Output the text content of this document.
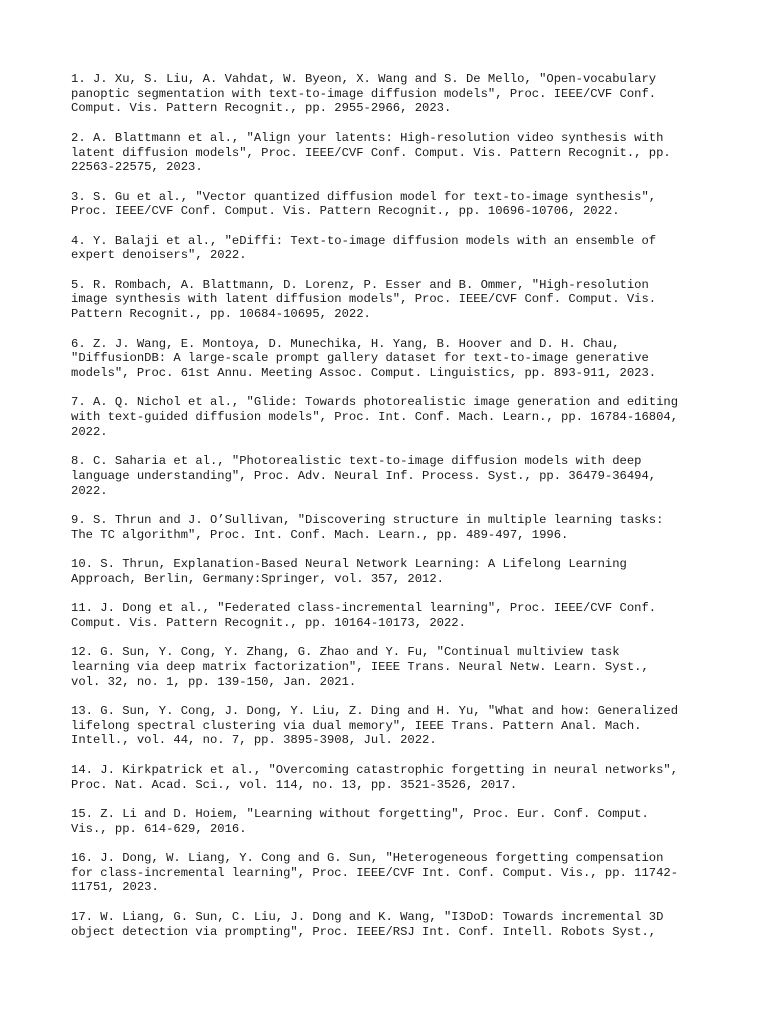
1. J. Xu, S. Liu, A. Vahdat, W. Byeon, X. Wang and S. De Mello, "Open-vocabulary
panoptic segmentation with text-to-image diffusion models", Proc. IEEE/CVF Conf.
Comput. Vis. Pattern Recognit., pp. 2955-2966, 2023.

2. A. Blattmann et al., "Align your latents: High-resolution video synthesis with
latent diffusion models", Proc. IEEE/CVF Conf. Comput. Vis. Pattern Recognit., pp.
22563-22575, 2023.

3. S. Gu et al., "Vector quantized diffusion model for text-to-image synthesis",
Proc. IEEE/CVF Conf. Comput. Vis. Pattern Recognit., pp. 10696-10706, 2022.

4. Y. Balaji et al., "eDiffi: Text-to-image diffusion models with an ensemble of
expert denoisers", 2022.

5. R. Rombach, A. Blattmann, D. Lorenz, P. Esser and B. Ommer, "High-resolution
image synthesis with latent diffusion models", Proc. IEEE/CVF Conf. Comput. Vis.
Pattern Recognit., pp. 10684-10695, 2022.

6. Z. J. Wang, E. Montoya, D. Munechika, H. Yang, B. Hoover and D. H. Chau,
"DiffusionDB: A large-scale prompt gallery dataset for text-to-image generative
models", Proc. 61st Annu. Meeting Assoc. Comput. Linguistics, pp. 893-911, 2023.

7. A. Q. Nichol et al., "Glide: Towards photorealistic image generation and editing
with text-guided diffusion models", Proc. Int. Conf. Mach. Learn., pp. 16784-16804,
2022.

8. C. Saharia et al., "Photorealistic text-to-image diffusion models with deep
language understanding", Proc. Adv. Neural Inf. Process. Syst., pp. 36479-36494,
2022.

9. S. Thrun and J. O’Sullivan, "Discovering structure in multiple learning tasks:
The TC algorithm", Proc. Int. Conf. Mach. Learn., pp. 489-497, 1996.

10. S. Thrun, Explanation-Based Neural Network Learning: A Lifelong Learning
Approach, Berlin, Germany:Springer, vol. 357, 2012.

11. J. Dong et al., "Federated class-incremental learning", Proc. IEEE/CVF Conf.
Comput. Vis. Pattern Recognit., pp. 10164-10173, 2022.

12. G. Sun, Y. Cong, Y. Zhang, G. Zhao and Y. Fu, "Continual multiview task
learning via deep matrix factorization", IEEE Trans. Neural Netw. Learn. Syst.,
vol. 32, no. 1, pp. 139-150, Jan. 2021.

13. G. Sun, Y. Cong, J. Dong, Y. Liu, Z. Ding and H. Yu, "What and how: Generalized
lifelong spectral clustering via dual memory", IEEE Trans. Pattern Anal. Mach.
Intell., vol. 44, no. 7, pp. 3895-3908, Jul. 2022.

14. J. Kirkpatrick et al., "Overcoming catastrophic forgetting in neural networks",
Proc. Nat. Acad. Sci., vol. 114, no. 13, pp. 3521-3526, 2017.

15. Z. Li and D. Hoiem, "Learning without forgetting", Proc. Eur. Conf. Comput.
Vis., pp. 614-629, 2016.

16. J. Dong, W. Liang, Y. Cong and G. Sun, "Heterogeneous forgetting compensation
for class-incremental learning", Proc. IEEE/CVF Int. Conf. Comput. Vis., pp. 11742-
11751, 2023.

17. W. Liang, G. Sun, C. Liu, J. Dong and K. Wang, "I3DoD: Towards incremental 3D
object detection via prompting", Proc. IEEE/RSJ Int. Conf. Intell. Robots Syst.,
